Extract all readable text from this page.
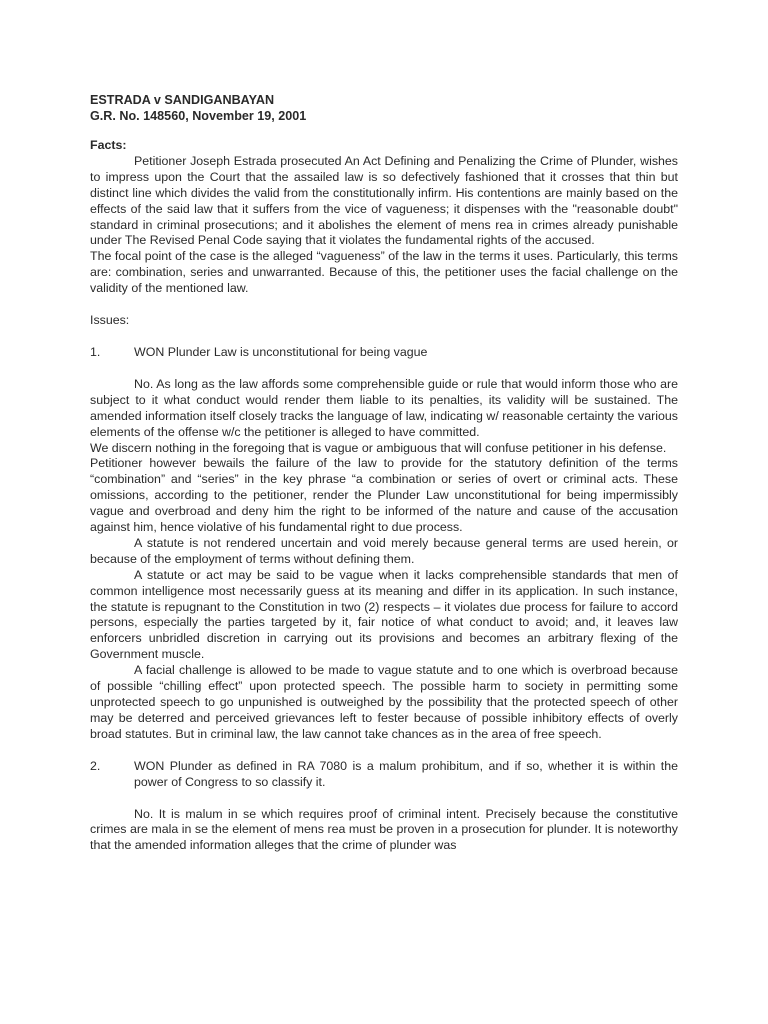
ESTRADA v SANDIGANBAYAN

G.R. No. 148560, November 19, 2001

Facts:

Petitioner Joseph Estrada prosecuted An Act Defining and Penalizing the Crime of Plunder, wishes to impress upon the Court that the assailed law is so defectively fashioned that it crosses that thin but distinct line which divides the valid from the constitutionally infirm. His contentions are mainly based on the effects of the said law that it suffers from the vice of vagueness; it dispenses with the "reasonable doubt" standard in criminal prosecutions; and it abolishes the element of mens rea in crimes already punishable under The Revised Penal Code saying that it violates the fundamental rights of the accused.

The focal point of the case is the alleged “vagueness” of the law in the terms it uses. Particularly, this terms are: combination, series and unwarranted. Because of this, the petitioner uses the facial challenge on the validity of the mentioned law.

Issues:

1.	WON Plunder Law is unconstitutional for being vague

No. As long as the law affords some comprehensible guide or rule that would inform those who are subject to it what conduct would render them liable to its penalties, its validity will be sustained. The amended information itself closely tracks the language of law, indicating w/ reasonable certainty the various elements of the offense w/c the petitioner is alleged to have committed.

We discern nothing in the foregoing that is vague or ambiguous that will confuse petitioner in his defense.

Petitioner however bewails the failure of the law to provide for the statutory definition of the terms “combination” and “series” in the key phrase “a combination or series of overt or criminal acts. These omissions, according to the petitioner, render the Plunder Law unconstitutional for being impermissibly vague and overbroad and deny him the right to be informed of the nature and cause of the accusation against him, hence violative of his fundamental right to due process.

A statute is not rendered uncertain and void merely because general terms are used herein, or because of the employment of terms without defining them.

A statute or act may be said to be vague when it lacks comprehensible standards that men of common intelligence most necessarily guess at its meaning and differ in its application. In such instance, the statute is repugnant to the Constitution in two (2) respects – it violates due process for failure to accord persons, especially the parties targeted by it, fair notice of what conduct to avoid; and, it leaves law enforcers unbridled discretion in carrying out its provisions and becomes an arbitrary flexing of the Government muscle.

A facial challenge is allowed to be made to vague statute and to one which is overbroad because of possible “chilling effect” upon protected speech. The possible harm to society in permitting some unprotected speech to go unpunished is outweighed by the possibility that the protected speech of other may be deterred and perceived grievances left to fester because of possible inhibitory effects of overly broad statutes. But in criminal law, the law cannot take chances as in the area of free speech.

2.	WON Plunder as defined in RA 7080 is a malum prohibitum, and if so, whether it is within the power of Congress to so classify it.

No. It is malum in se which requires proof of criminal intent. Precisely because the constitutive crimes are mala in se the element of mens rea must be proven in a prosecution for plunder. It is noteworthy that the amended information alleges that the crime of plunder was
